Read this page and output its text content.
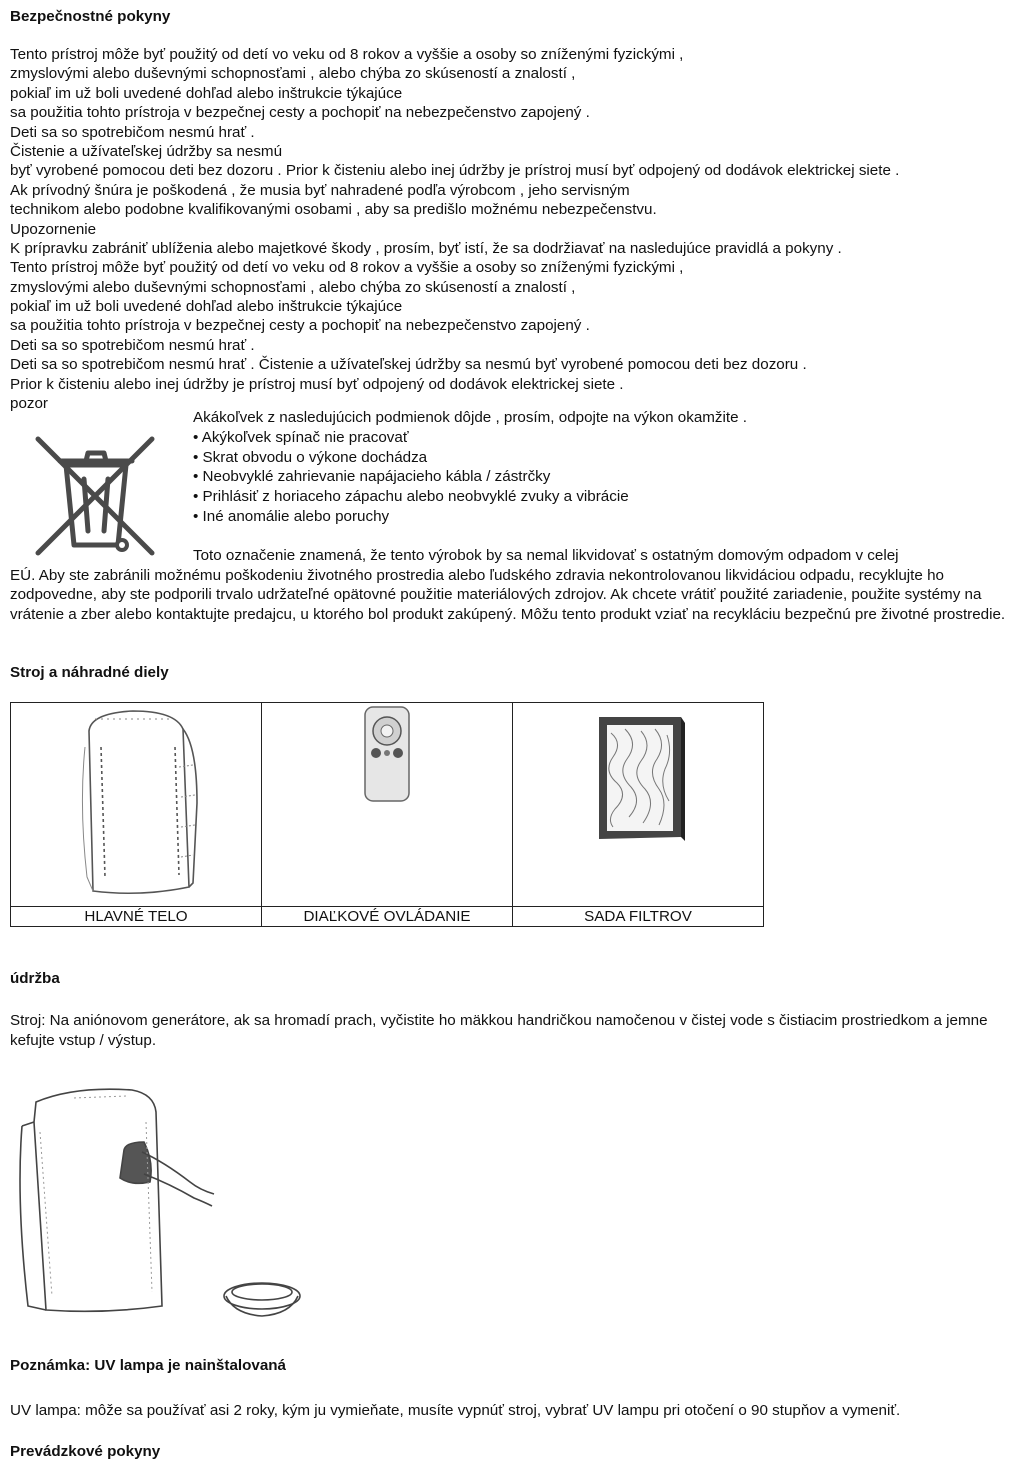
Bezpečnostné pokyny

Tento prístroj môže byť použitý od detí vo veku od 8 rokov a vyššie a osoby so zníženými fyzickými ,
zmyslovými alebo duševnými schopnosťami , alebo chýba zo skúseností a znalostí ,
pokiaľ im už boli uvedené dohľad alebo inštrukcie týkajúce
sa použitia tohto prístroja v bezpečnej cesty a pochopiť na nebezpečenstvo zapojený .
Deti sa so spotrebičom nesmú hrať .
Čistenie a užívateľskej údržby sa nesmú
byť vyrobené pomocou deti bez dozoru . Prior k čisteniu alebo inej údržby je prístroj musí byť odpojený od dodávok elektrickej siete .
Ak prívodný šnúra je poškodená , že musia byť nahradené podľa výrobcom , jeho servisným
technikom alebo podobne kvalifikovanými osobami , aby sa predišlo možnému nebezpečenstvu.
Upozornenie
K prípravku zabrániť ublíženia alebo majetkové škody , prosím, byť istí, že sa dodržiavať na nasledujúce pravidlá a pokyny .
Tento prístroj môže byť použitý od detí vo veku od 8 rokov a vyššie a osoby so zníženými fyzickými ,
zmyslovými alebo duševnými schopnosťami , alebo chýba zo skúseností a znalostí ,
pokiaľ im už boli uvedené dohľad alebo inštrukcie týkajúce
sa použitia tohto prístroja v bezpečnej cesty a pochopiť na nebezpečenstvo zapojený .
Deti sa so spotrebičom nesmú hrať .
Deti sa so spotrebičom nesmú hrať . Čistenie a užívateľskej údržby sa nesmú byť vyrobené pomocou deti bez dozoru .
Prior k čisteniu alebo inej údržby je prístroj musí byť odpojený od dodávok elektrickej siete .
pozor
Akákoľvek z nasledujúcich podmienok dôjde , prosím, odpojte na výkon okamžite .
• Akýkoľvek spínač nie pracovať
• Skrat obvodu o výkone dochádza
• Neobvyklé zahrievanie napájacieho kábla / zástrčky
• Prihlásiť z horiaceho zápachu alebo neobvyklé zvuky a vibrácie
• Iné anomálie alebo poruchy
Toto označenie znamená, že tento výrobok by sa nemal likvidovať s ostatným domovým odpadom v celej
EÚ. Aby ste zabránili možnému poškodeniu životného prostredia alebo ľudského zdravia nekontrolovanou likvidáciou odpadu, recyklujte ho zodpovedne, aby ste podporili trvalo udržateľné opätovné použitie materiálových zdrojov. Ak chcete vrátiť použité zariadenie, použite systémy na vrátenie a zber alebo kontaktujte predajcu, u ktorého bol produkt zakúpený. Môžu tento produkt vziať na recykláciu bezpečnú pre životné prostredie.

Stroj a náhradné diely

HLAVNÉ TELO	DIAĽKOVÉ OVLÁDANIE	SADA FILTROV

údržba

Stroj: Na aniónovom generátore, ak sa hromadí prach, vyčistite ho mäkkou handričkou namočenou v čistej vode s čistiacim prostriedkom a jemne kefujte vstup / výstup.

Poznámka: UV lampa je nainštalovaná

UV lampa: môže sa používať asi 2 roky, kým ju vymieňate, musíte vypnúť stroj, vybrať UV lampu pri otočení o 90 stupňov a vymeniť.

Prevádzkové pokyny
